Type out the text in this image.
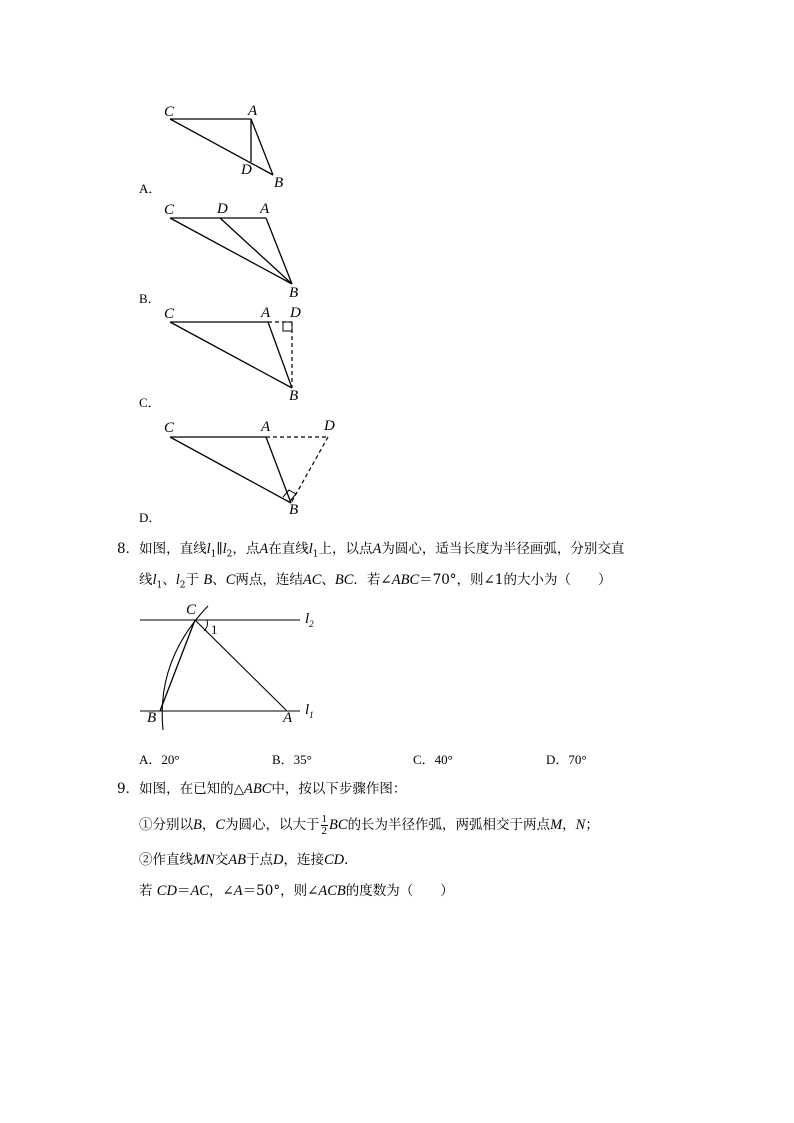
C	A
D
B
A．
C	D A
B
B．
C	A D
B
C．
C	A	D
B
D．
8．如图，直线$l_1\parallel l_2$，点A在直线$l_1$上，以点A为圆心，适当长度为半径画弧，分别交直
线$l_1$、$l_2$于 B、C两点，连结AC、BC．若∠ABC＝70°，则∠1的大小为（　　）
C
1
B	A
$l_2$
$l_1$
A．20°	B．35°	C．40°	D．70°
9．如图，在已知的△ABC中，按以下步骤作图：
①分别以B，C为圆心，以大于 $\frac{1}{2}$ BC的长为半径作弧，两弧相交于两点M，N；
②作直线MN交AB于点D，连接CD．
若 CD＝AC，∠A＝50°，则∠ACB的度数为（　　）
